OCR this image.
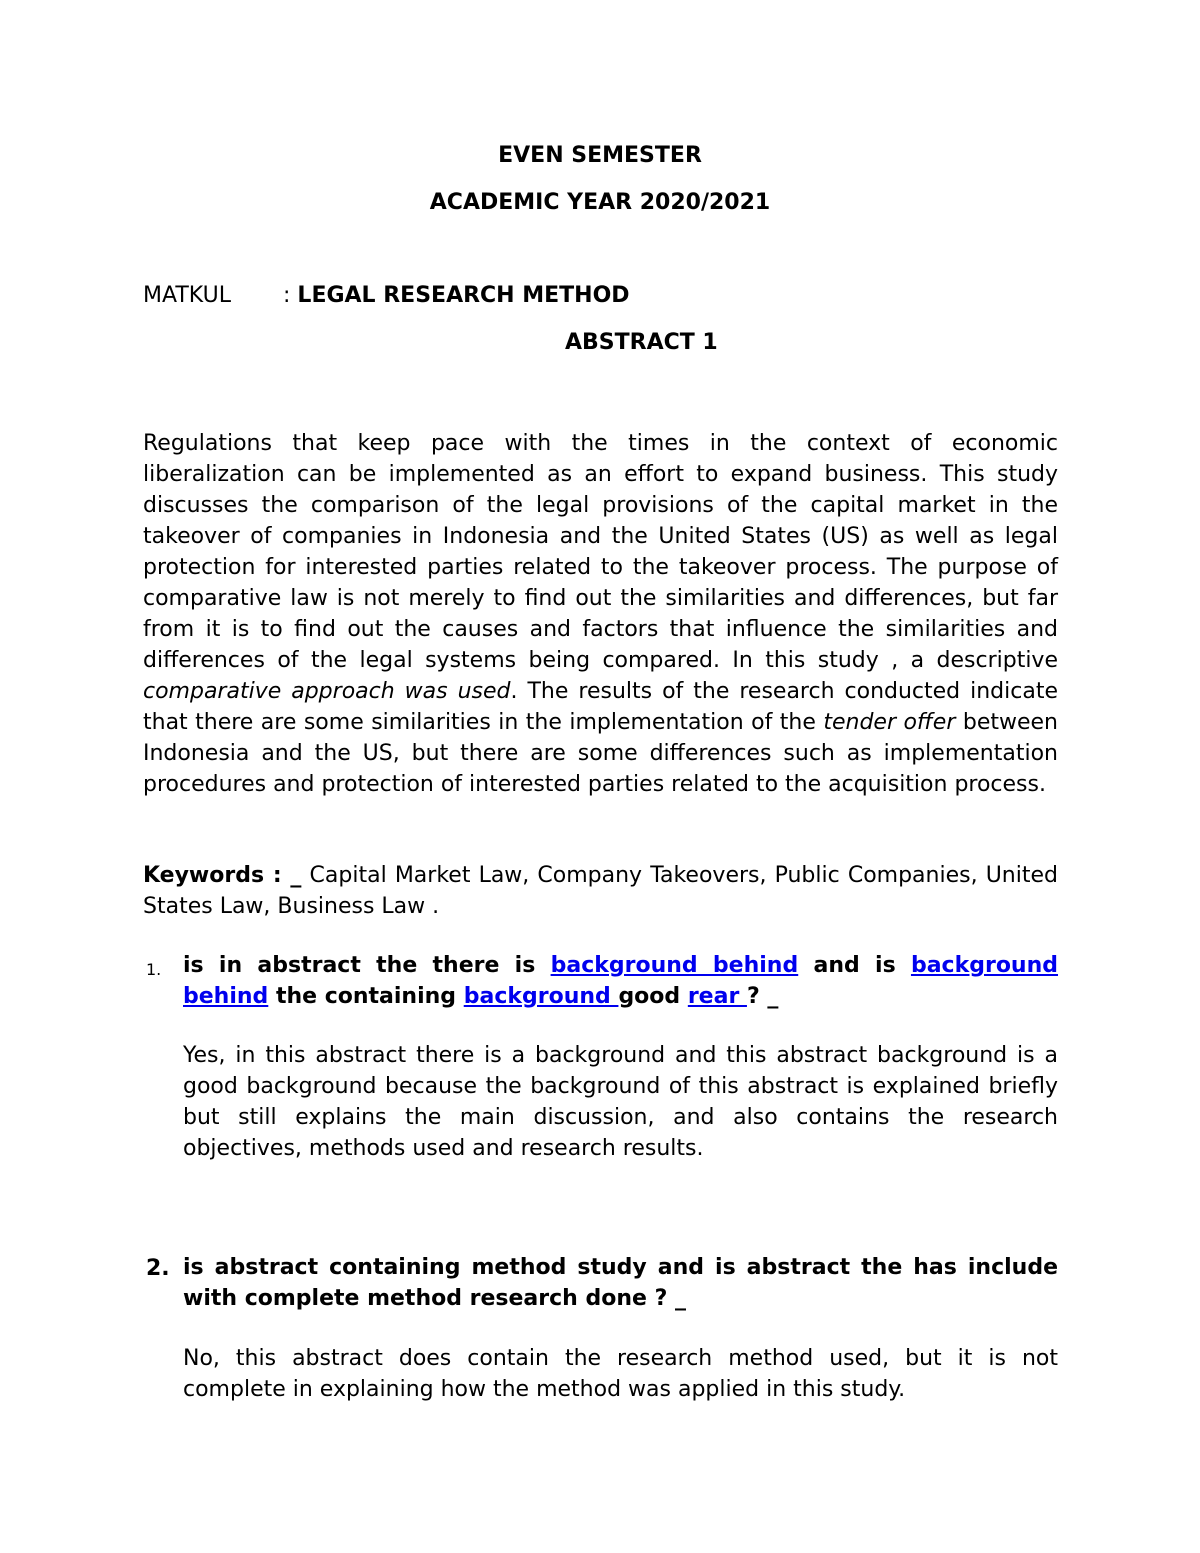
EVEN SEMESTER
ACADEMIC YEAR 2020/2021
MATKUL : LEGAL RESEARCH METHOD
ABSTRACT 1
Regulations that keep pace with the times in the context of economic liberalization can be implemented as an effort to expand business. This study discusses the comparison of the legal provisions of the capital market in the takeover of companies in Indonesia and the United States (US) as well as legal protection for interested parties related to the takeover process. The purpose of comparative law is not merely to find out the similarities and differences, but far from it is to find out the causes and factors that influence the similarities and differences of the legal systems being compared. In this study , a descriptive comparative approach was used. The results of the research conducted indicate that there are some similarities in the implementation of the tender offer between Indonesia and the US, but there are some differences such as implementation procedures and protection of interested parties related to the acquisition process.
Keywords : _ Capital Market Law, Company Takeovers, Public Companies, United States Law, Business Law .
1. is in abstract the there is background behind and is background behind the containing background good rear ? _
Yes, in this abstract there is a background and this abstract background is a good background because the background of this abstract is explained briefly but still explains the main discussion, and also contains the research objectives, methods used and research results.
2. is abstract containing method study and is abstract the has include with complete method research done ? _
No, this abstract does contain the research method used, but it is not complete in explaining how the method was applied in this study.
